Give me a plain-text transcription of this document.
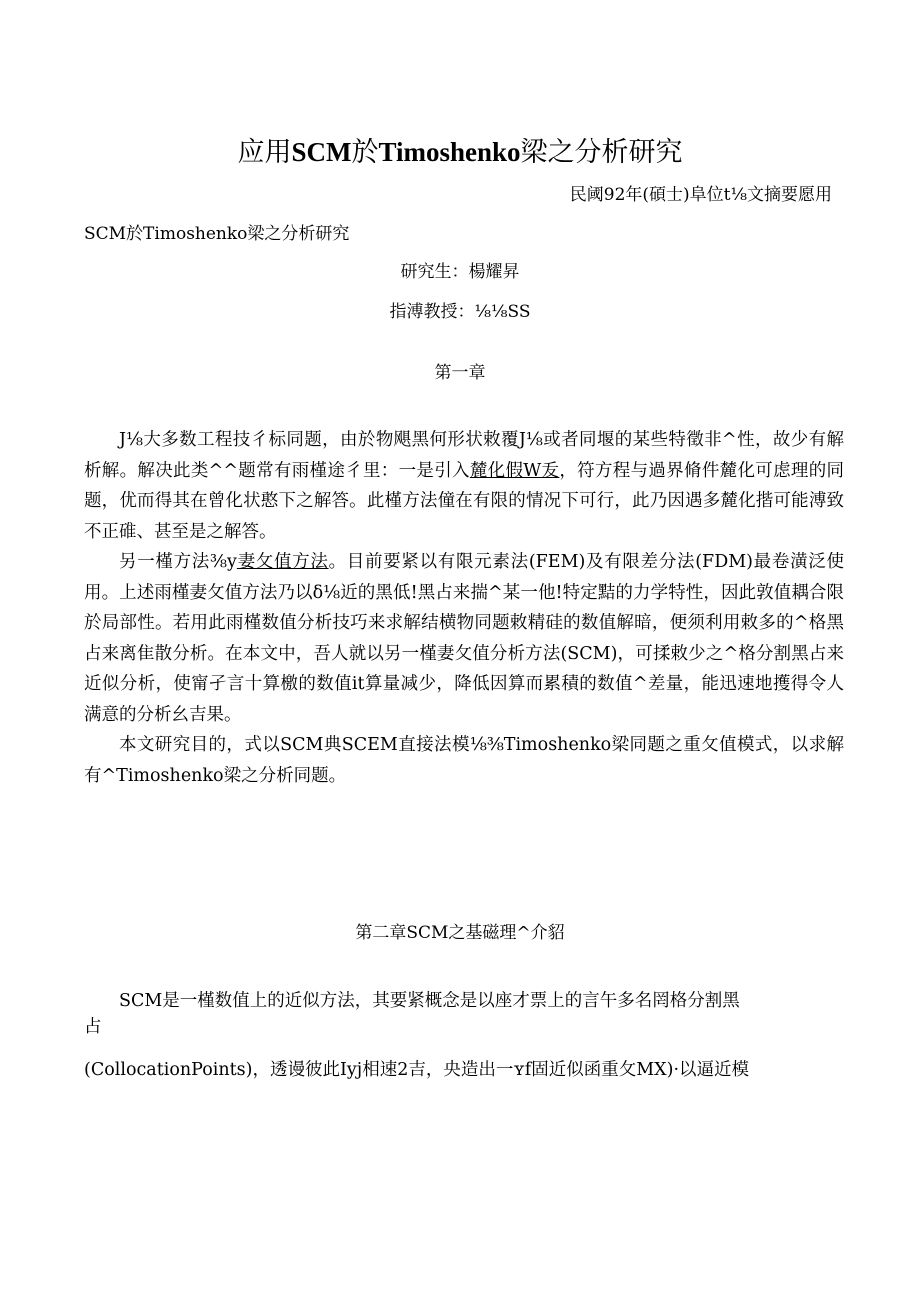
应用SCM於Timoshenko梁之分析研究
民阈92年(碩士)阜位t⅛文摘要愿用
SCM於Timoshenko梁之分析研究
研究生：楊耀昇
指溥教授：⅛⅛SS
第一章

J⅛大多数工程技彳标同题，由於物飓黑何形状敕覆J⅛或者同堰的某些特徵非^性，故少有解析解。解决此类^^题常有雨槿途彳里：一是引入麓化假W叐，符方程与過界脩件麓化可虑理的同题，优而得其在曾化状憨下之解答。此槿方法僮在有限的情况下可行，此乃因遇多麓化揩可能溥致不正碓、甚至是之解答。

另一槿方法⅜y妻攵值方法。目前要紧以有限元素法(FEM)及有限差分法(FDM)最卷潢泛使用。上述雨槿妻攵值方法乃以δ⅛近的黑低!黑占来揣^某一他!特定黠的力学特性，因此敦值耦合限於局部性。若用此雨槿数值分析技巧来求解结横物同题敕精硅的数值解暗，便须利用敕多的^格黑占来离隹散分析。在本文中，吾人就以另一槿妻攵值分析方法(SCM)，可揉敕少之^格分割黑占来近似分析，使甯孑言十算檄的数值it算量减少，降低因算而累積的数值^差量，能迅速地擭得令人满意的分析幺吉果。

本文研究目的，式以SCM典SCEM直接法模⅛⅜Timoshenko梁同题之重攵值模式，以求解有^Timoshenko梁之分析同题。

第二章SCM之基磁理^介貂

SCM是一槿数值上的近似方法，其要紧概念是以座才票上的言午多名罔格分割黑

占

(CollocationPoints)，透谩彼此Iyj相速2吉，央造出一ʏf固近似函重攵MX)·以逼近模
